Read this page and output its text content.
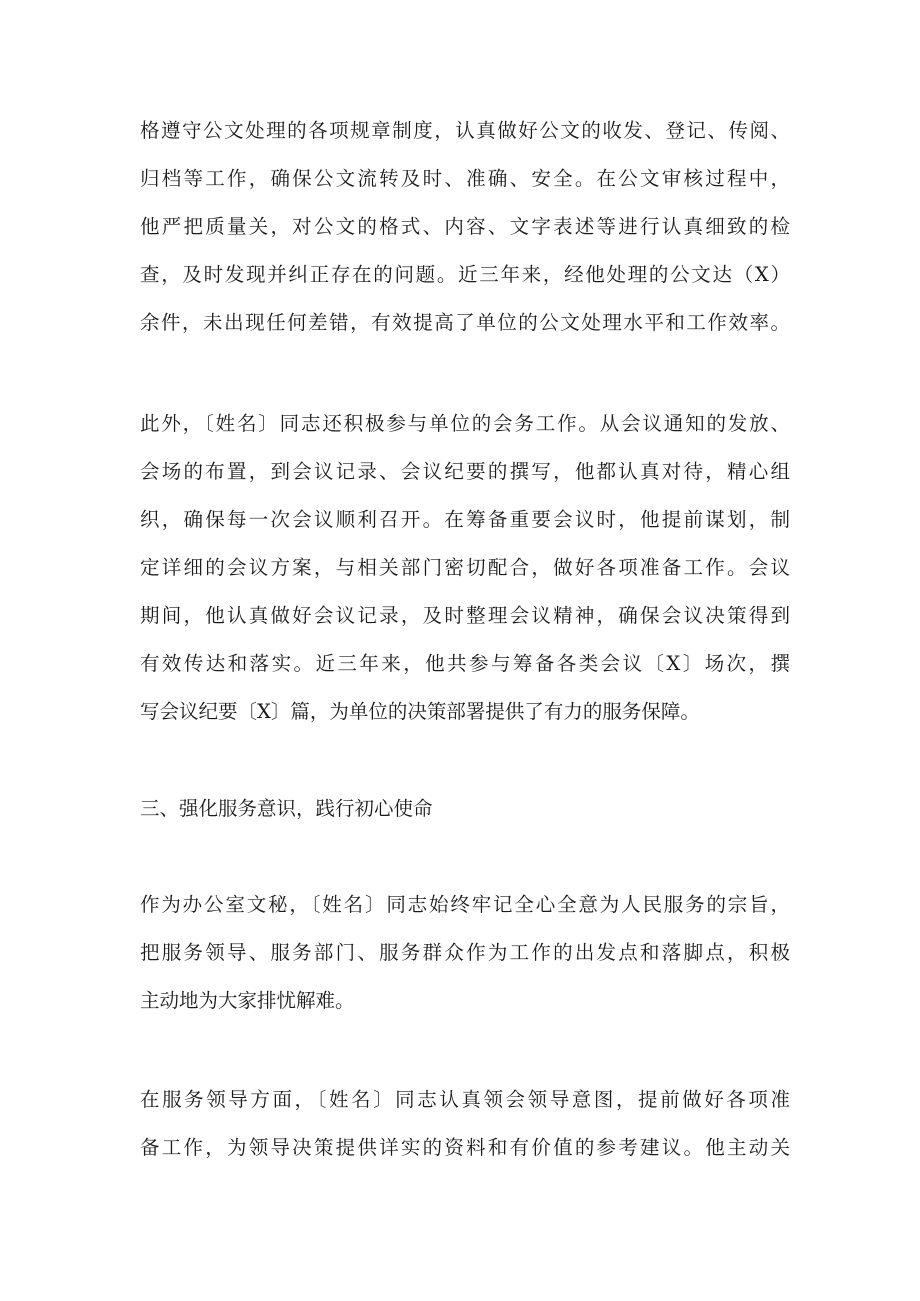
格遵守公文处理的各项规章制度，认真做好公文的收发、登记、传阅、

归档等工作，确保公文流转及时、准确、安全。在公文审核过程中，

他严把质量关，对公文的格式、内容、文字表述等进行认真细致的检

查，及时发现并纠正存在的问题。近三年来，经他处理的公文达（X）

余件，未出现任何差错，有效提高了单位的公文处理水平和工作效率。

此外，〔姓名〕同志还积极参与单位的会务工作。从会议通知的发放、

会场的布置，到会议记录、会议纪要的撰写，他都认真对待，精心组

织，确保每一次会议顺利召开。在筹备重要会议时，他提前谋划，制

定详细的会议方案，与相关部门密切配合，做好各项准备工作。会议

期间，他认真做好会议记录，及时整理会议精神，确保会议决策得到

有效传达和落实。近三年来，他共参与筹备各类会议〔X〕场次，撰

写会议纪要〔X〕篇，为单位的决策部署提供了有力的服务保障。

三、强化服务意识，践行初心使命

作为办公室文秘，〔姓名〕同志始终牢记全心全意为人民服务的宗旨，

把服务领导、服务部门、服务群众作为工作的出发点和落脚点，积极

主动地为大家排忧解难。

在服务领导方面，〔姓名〕同志认真领会领导意图，提前做好各项准

备工作，为领导决策提供详实的资料和有价值的参考建议。他主动关
